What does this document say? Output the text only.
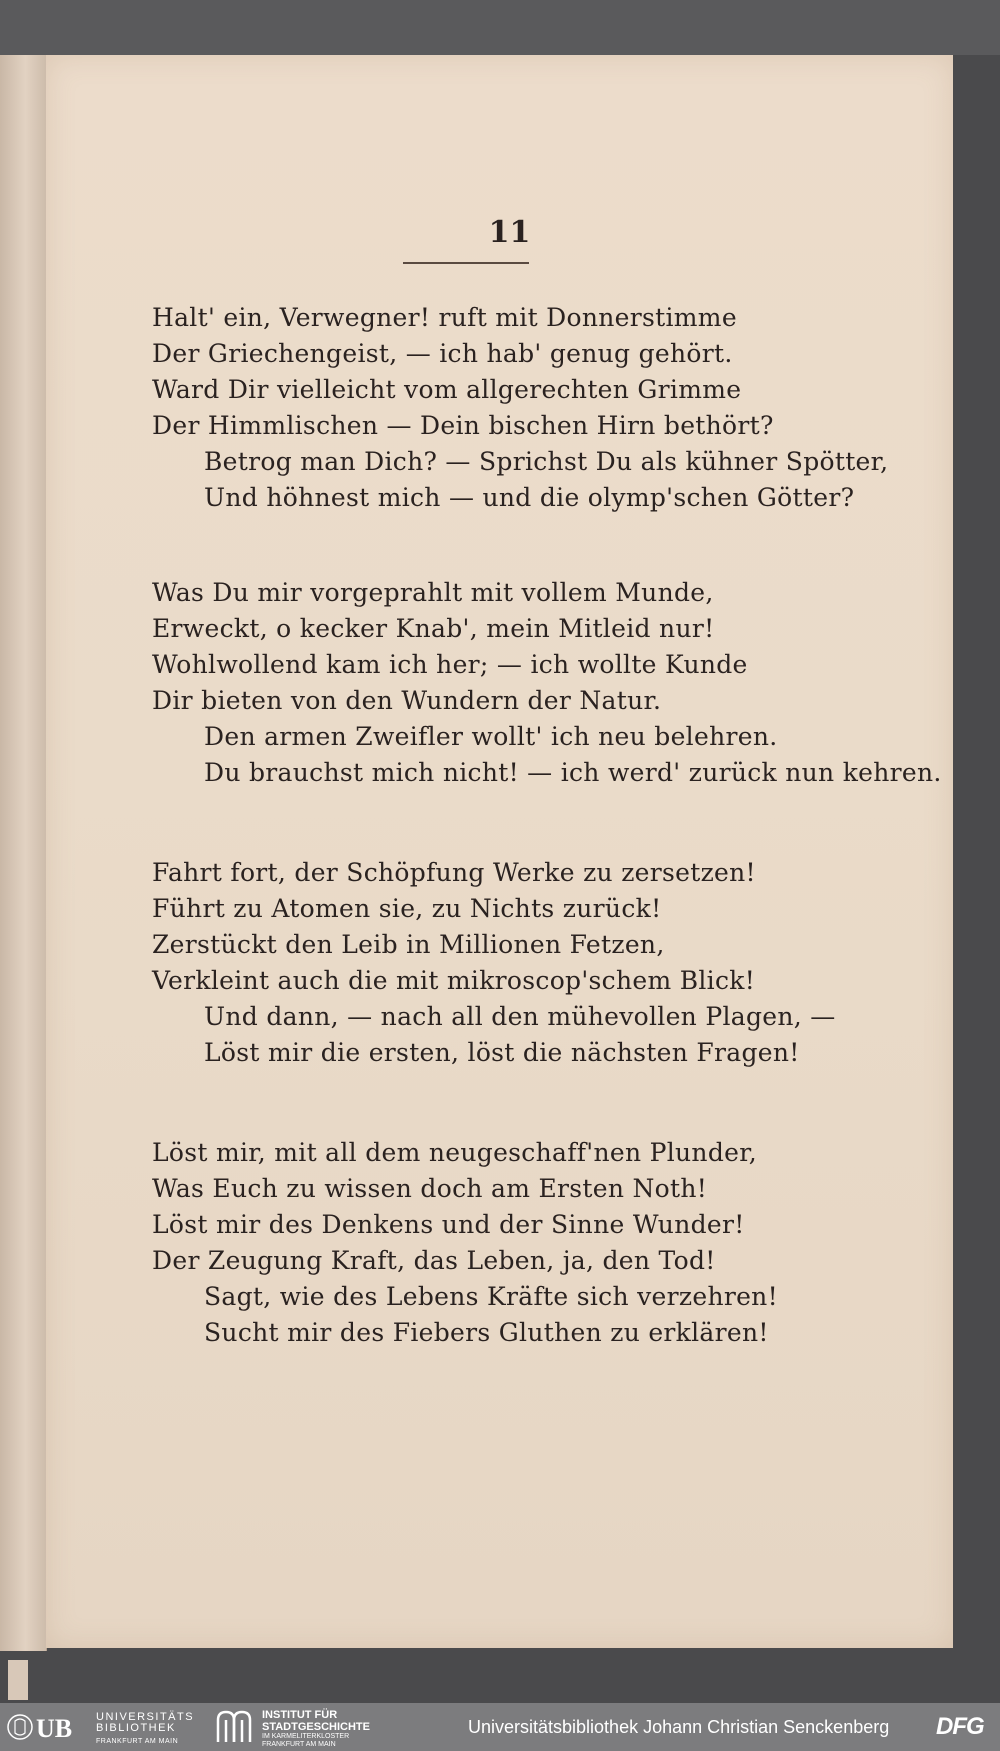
11
Halt' ein, Verwegner! ruft mit Donnerstimme
Der Griechengeist, — ich hab' genug gehört.
Ward Dir vielleicht vom allgerechten Grimme
Der Himmlischen — Dein bischen Hirn bethört?
Betrog man Dich? — Sprichst Du als kühner Spötter,
Und höhnest mich — und die olymp'schen Götter?
Was Du mir vorgeprahlt mit vollem Munde,
Erweckt, o kecker Knab', mein Mitleid nur!
Wohlwollend kam ich her; — ich wollte Kunde
Dir bieten von den Wundern der Natur.
Den armen Zweifler wollt' ich neu belehren.
Du brauchst mich nicht! — ich werd' zurück nun kehren.
Fahrt fort, der Schöpfung Werke zu zersetzen!
Führt zu Atomen sie, zu Nichts zurück!
Zerstückt den Leib in Millionen Fetzen,
Verkleint auch die mit mikroscop'schem Blick!
Und dann, — nach all den mühevollen Plagen, —
Löst mir die ersten, löst die nächsten Fragen!
Löst mir, mit all dem neugeschaff'nen Plunder,
Was Euch zu wissen doch am Ersten Noth!
Löst mir des Denkens und der Sinne Wunder!
Der Zeugung Kraft, das Leben, ja, den Tod!
Sagt, wie des Lebens Kräfte sich verzehren!
Sucht mir des Fiebers Gluthen zu erklären!
UB UNIVERSITÄTS
BIBLIOTHEK
FRANKFURT AM MAIN
INSTITUT FÜR
STADTGESCHICHTE
IM KARMELITERKLOSTER
FRANKFURT AM MAIN
Universitätsbibliothek Johann Christian Senckenberg DFG
